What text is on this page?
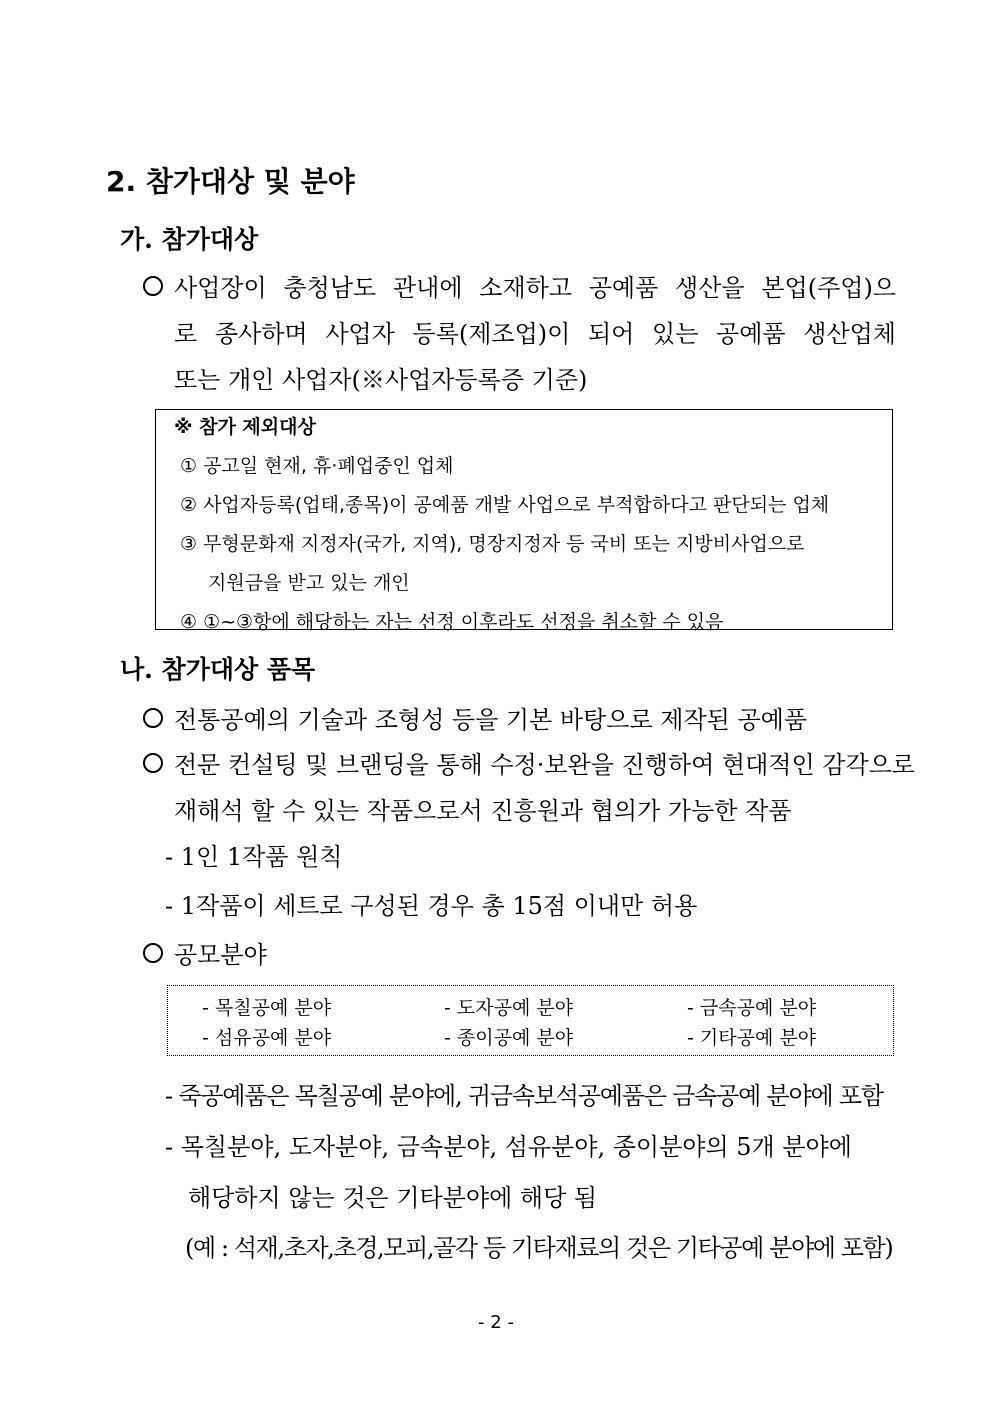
2. 참가대상 및 분야
가. 참가대상
사업장이 충청남도 관내에 소재하고 공예품 생산을 본업(주업)으
로 종사하며 사업자 등록(제조업)이 되어 있는 공예품 생산업체
또는 개인 사업자(※사업자등록증 기준)
※ 참가 제외대상
① 공고일 현재, 휴·폐업중인 업체
② 사업자등록(업태,종목)이 공예품 개발 사업으로 부적합하다고 판단되는 업체
③ 무형문화재 지정자(국가, 지역), 명장지정자 등 국비 또는 지방비사업으로
지원금을 받고 있는 개인
④ ①~③항에 해당하는 자는 선정 이후라도 선정을 취소할 수 있음
나. 참가대상 품목
전통공예의 기술과 조형성 등을 기본 바탕으로 제작된 공예품
전문 컨설팅 및 브랜딩을 통해 수정·보완을 진행하여 현대적인 감각으로
재해석 할 수 있는 작품으로서 진흥원과 협의가 가능한 작품
- 1인 1작품 원칙
- 1작품이 세트로 구성된 경우 총 15점 이내만 허용
공모분야
- 목칠공예 분야	- 도자공예 분야	- 금속공예 분야
- 섬유공예 분야	- 종이공예 분야	- 기타공예 분야
- 죽공예품은 목칠공예 분야에, 귀금속보석공예품은 금속공예 분야에 포함
- 목칠분야, 도자분야, 금속분야, 섬유분야, 종이분야의 5개 분야에
해당하지 않는 것은 기타분야에 해당 됨
(예 : 석재,초자,초경,모피,골각 등 기타재료의 것은 기타공예 분야에 포함)
- 2 -
